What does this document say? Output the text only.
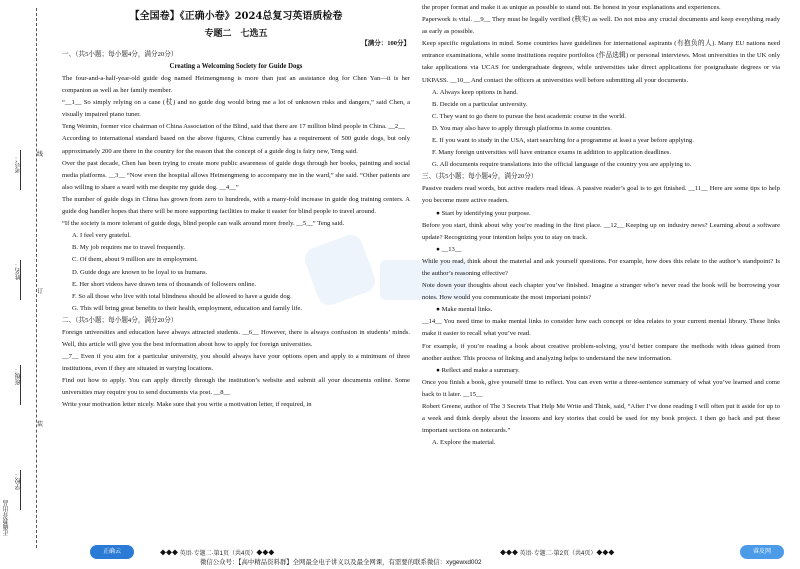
考号：
姓名：
班级：
学校：
线
订
装
正确教育出品
【全国卷】《正确小卷》2024总复习英语质检卷
专题二　七选五
【满分：100分】
一、（共5小题；每小题4分，满分20分）
Creating a Welcoming Society for Guide Dogs
The four-and-a-half-year-old guide dog named Heimengmeng is more than just an assistance dog for Chen Yan—it is her companion as well as her family member.
“__1__ So simply relying on a cane (杖) and no guide dog would bring me a lot of unknown risks and dangers,” said Chen, a visually impaired piano tuner.
Teng Weimin, former vice chairman of China Association of the Blind, said that there are 17 million blind people in China. __2__
According to international standard based on the above figures, China currently has a requirement of 500 guide dogs, but only approximately 200 are there in the country for the reason that the concept of a guide dog is fairy new, Teng said.
Over the past decade, Chen has been trying to create more public awareness of guide dogs through her books, painting and social media platforms. __3__ “Now even the hospital allows Heimengmeng to accompany me in the ward,” she said. “Other patients are also willing to share a ward with me despite my guide dog. __4__”
The number of guide dogs in China has grown from zero to hundreds, with a many-fold increase in guide dog training centers. A guide dog handler hopes that there will be more supporting facilities to make it easier for blind people to travel around.
“If the society is more tolerant of guide dogs, blind people can walk around more freely. __5__” Teng said.
A. I feel very grateful.
B. My job requires me to travel frequently.
C. Of them, about 9 million are in employment.
D. Guide dogs are known to be loyal to us humans.
E. Her short videos have drawn tens of thousands of followers online.
F. So all those who live with total blindness should be allowed to have a guide dog.
G. This will bring great benefits to their health, employment, education and family life.
二、（共5小题；每小题4分，满分20分）
Foreign universities and education have always attracted students. __6__ However, there is always confusion in students’ minds. Well, this article will give you the best information about how to apply for foreign universities.
__7__ Even if you aim for a particular university, you should always have your options open and apply to a minimum of three institutions, even if they are situated in varying locations.
Find out how to apply. You can apply directly through the institution’s website and submit all your documents online. Some universities may require you to send documents via post. __8__
Write your motivation letter nicely. Make sure that you write a motivation letter, if required, in
the proper format and make it as unique as possible to stand out. Be honest in your explanations and experiences.
Paperwork is vital. __9__ They must be legally verified (核实) as well. Do not miss any crucial documents and keep everything ready as early as possible.
Keep specific regulations in mind. Some countries have guidelines for international aspirants (有抱负的人). Many EU nations need entrance examinations, while some institutions require portfolios (作品选辑) or personal interviews. Most universities in the UK only take applications via UCAS for undergraduate degrees, while universities take direct applications for postgraduate degrees or via UKPASS. __10__ And contact the officers at universities well before submitting all your documents.
A. Always keep options in hand.
B. Decide on a particular university.
C. They want to go there to pursue the best academic course in the world.
D. You may also have to apply through platforms in some countries.
E. If you want to study in the USA, start searching for a programme at least a year before applying.
F. Many foreign universities will have entrance exams in addition to application deadlines.
G. All documents require translations into the official language of the country you are applying to.
三、（共5小题；每小题4分，满分20分）
Passive readers read words, but active readers read ideas. A passive reader’s goal is to get finished. __11__ Here are some tips to help you become more active readers.
● Start by identifying your purpose.
Before you start, think about why you’re reading in the first place. __12__ Keeping up on industry news? Learning about a software update? Recognizing your intention helps you to stay on track.
● __13__
While you read, think about the material and ask yourself questions. For example, how does this relate to the author’s standpoint? Is the author’s reasoning effective?
Note down your thoughts about each chapter you’ve finished. Imagine a stranger who’s never read the book will be borrowing your notes. How would you communicate the most important points?
● Make mental links.
__14__ You need time to make mental links to consider how each concept or idea relates to your current mental library. These links make it easier to recall what you’ve read.
For example, if you’re reading a book about creative problem-solving, you’d better compare the methods with ideas gained from another author. This process of linking and analyzing helps to understand the new information.
● Reflect and make a summary.
Once you finish a book, give yourself time to reflect. You can even write a three-sentence summary of what you’ve learned and come back to it later. __15__
Robert Greene, author of The 3 Secrets That Help Me Write and Think, said, “After I’ve done reading I will often put it aside for up to a week and think deeply about the lessons and key stories that could be used for my book project. I then go back and put these important sections on notecards.”
A. Explore the material.
正确云	◆◆◆ 英语·专题二·第1页（共4页）◆◆◆	◆◆◆ 英语·专题二·第2页（共4页）◆◆◆
微信公众号：【高中精品资料群】全网最全电子讲义以及最全网课，有需要的联系微信：xygewxd002
睿皮网
